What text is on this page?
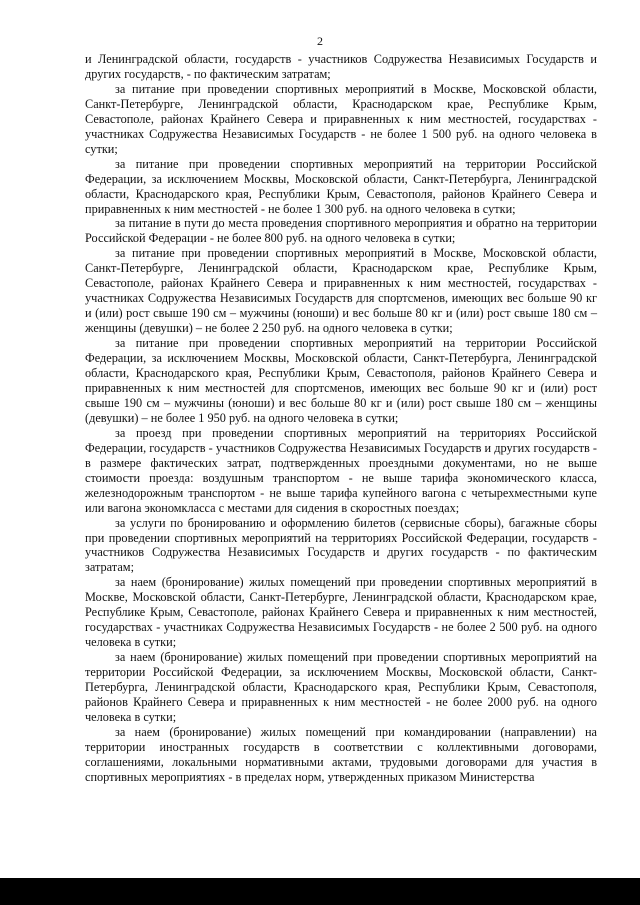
2

и Ленинградской области, государств - участников Содружества Независимых Государств и других государств, - по фактическим затратам;

за питание при проведении спортивных мероприятий в Москве, Московской области, Санкт-Петербурге, Ленинградской области, Краснодарском крае, Республике Крым, Севастополе, районах Крайнего Севера и приравненных к ним местностей, государствах - участниках Содружества Независимых Государств - не более 1 500 руб. на одного человека в сутки;

за питание при проведении спортивных мероприятий на территории Российской Федерации, за исключением Москвы, Московской области, Санкт-Петербурга, Ленинградской области, Краснодарского края, Республики Крым, Севастополя, районов Крайнего Севера и приравненных к ним местностей - не более 1 300 руб. на одного человека в сутки;

за питание в пути до места проведения спортивного мероприятия и обратно на территории Российской Федерации - не более 800 руб. на одного человека в сутки;

за питание при проведении спортивных мероприятий в Москве, Московской области, Санкт-Петербурге, Ленинградской области, Краснодарском крае, Республике Крым, Севастополе, районах Крайнего Севера и приравненных к ним местностей, государствах - участниках Содружества Независимых Государств для спортсменов, имеющих вес больше 90 кг и (или) рост свыше 190 см – мужчины (юноши) и вес больше 80 кг и (или) рост свыше 180 см – женщины (девушки) – не более 2 250 руб. на одного человека в сутки;

за питание при проведении спортивных мероприятий на территории Российской Федерации, за исключением Москвы, Московской области, Санкт-Петербурга, Ленинградской области, Краснодарского края, Республики Крым, Севастополя, районов Крайнего Севера и приравненных к ним местностей для спортсменов, имеющих вес больше 90 кг и (или) рост свыше 190 см – мужчины (юноши) и вес больше 80 кг и (или) рост свыше 180 см – женщины (девушки) – не более 1 950 руб. на одного человека в сутки;

за проезд при проведении спортивных мероприятий на территориях Российской Федерации, государств - участников Содружества Независимых Государств и других государств - в размере фактических затрат, подтвержденных проездными документами, но не выше стоимости проезда: воздушным транспортом - не выше тарифа экономического класса, железнодорожным транспортом - не выше тарифа купейного вагона с четырехместными купе или вагона экономкласса с местами для сидения в скоростных поездах;

за услуги по бронированию и оформлению билетов (сервисные сборы), багажные сборы при проведении спортивных мероприятий на территориях Российской Федерации, государств - участников Содружества Независимых Государств и других государств - по фактическим затратам;

за наем (бронирование) жилых помещений при проведении спортивных мероприятий в Москве, Московской области, Санкт-Петербурге, Ленинградской области, Краснодарском крае, Республике Крым, Севастополе, районах Крайнего Севера и приравненных к ним местностей, государствах - участниках Содружества Независимых Государств - не более 2 500 руб. на одного человека в сутки;

за наем (бронирование) жилых помещений при проведении спортивных мероприятий на территории Российской Федерации, за исключением Москвы, Московской области, Санкт-Петербурга, Ленинградской области, Краснодарского края, Республики Крым, Севастополя, районов Крайнего Севера и приравненных к ним местностей - не более 2000 руб. на одного человека в сутки;

за наем (бронирование) жилых помещений при командировании (направлении) на территории иностранных государств в соответствии с коллективными договорами, соглашениями, локальными нормативными актами, трудовыми договорами для участия в спортивных мероприятиях - в пределах норм, утвержденных приказом Министерства
